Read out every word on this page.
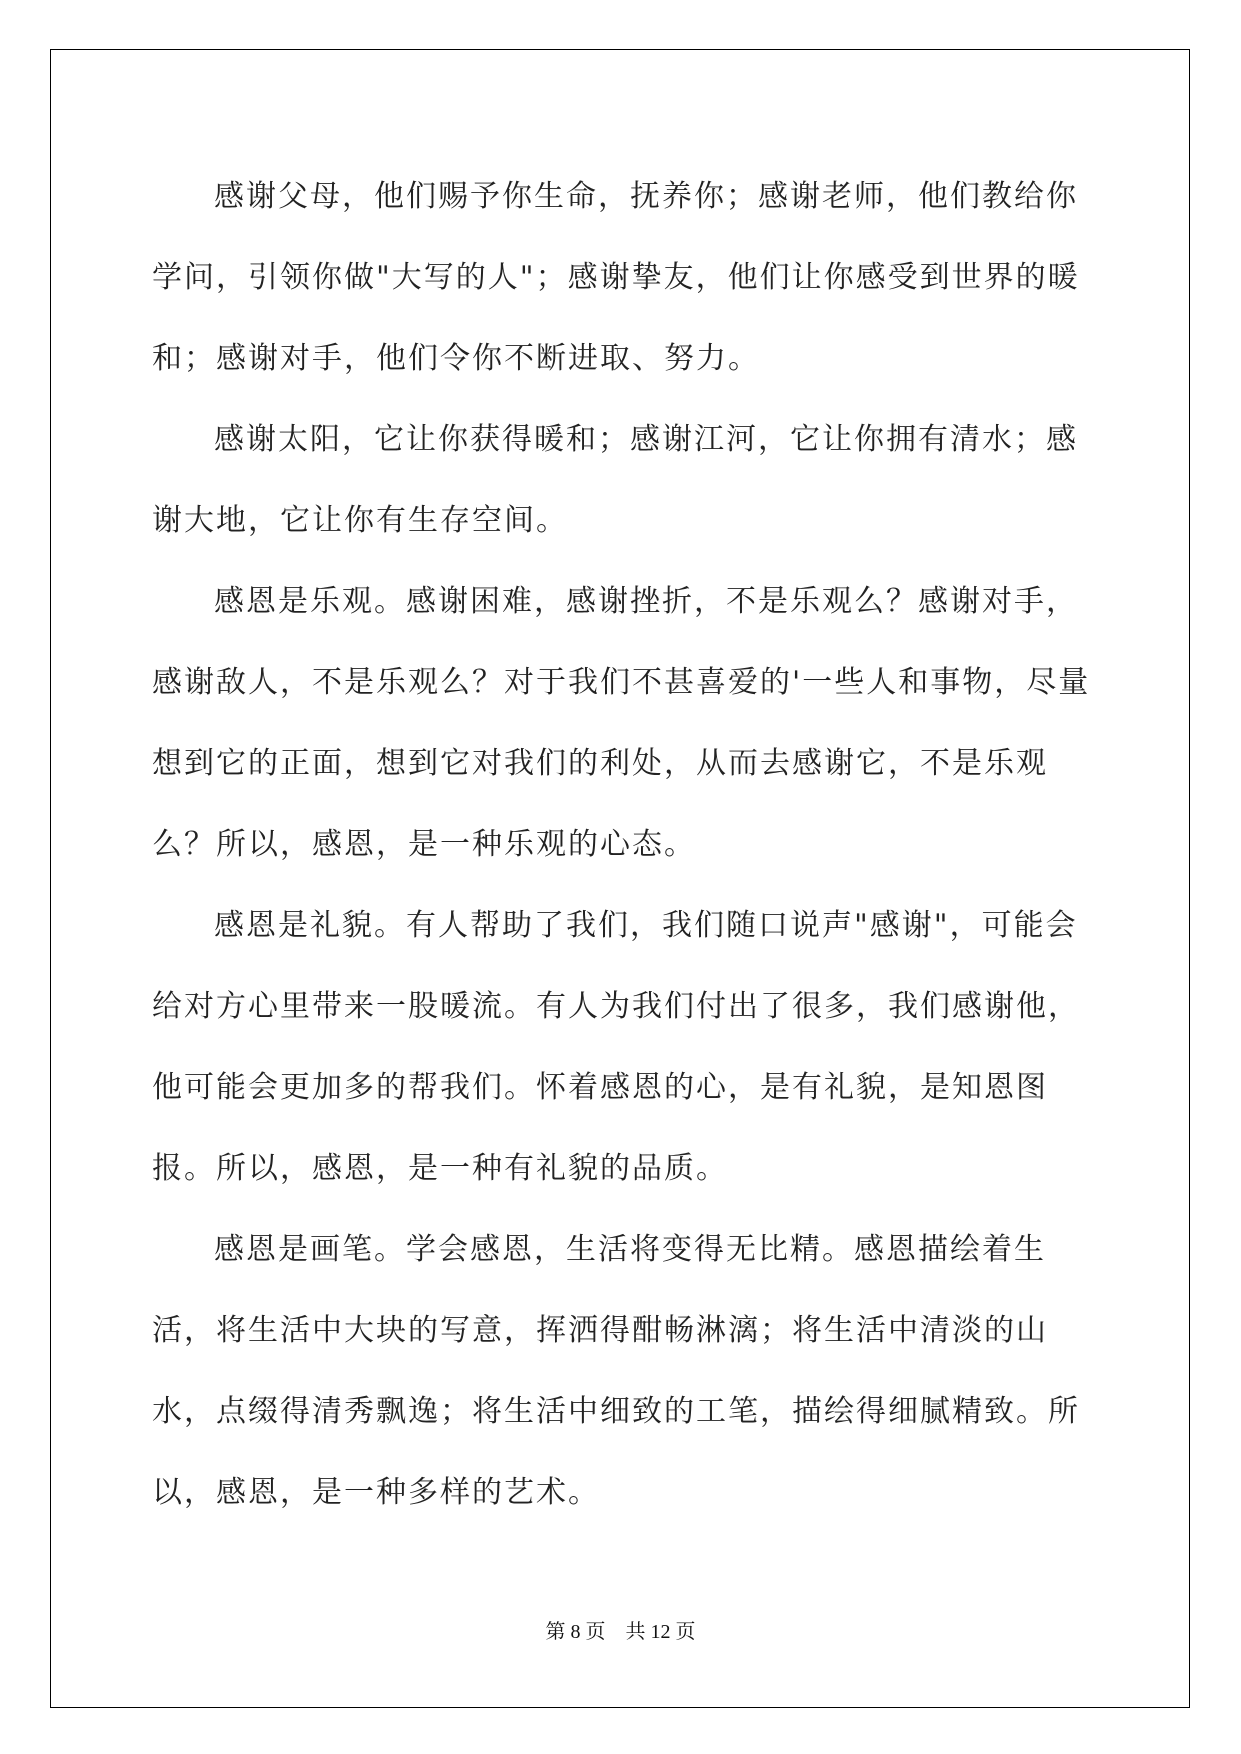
感谢父母，他们赐予你生命，抚养你；感谢老师，他们教给你学问，引领你做"大写的人"；感谢挚友，他们让你感受到世界的暖和；感谢对手，他们令你不断进取、努力。

感谢太阳，它让你获得暖和；感谢江河，它让你拥有清水；感谢大地，它让你有生存空间。

感恩是乐观。感谢困难，感谢挫折，不是乐观么？感谢对手，感谢敌人，不是乐观么？对于我们不甚喜爱的'一些人和事物，尽量想到它的正面，想到它对我们的利处，从而去感谢它，不是乐观么？所以，感恩，是一种乐观的心态。

感恩是礼貌。有人帮助了我们，我们随口说声"感谢"，可能会给对方心里带来一股暖流。有人为我们付出了很多，我们感谢他，他可能会更加多的帮我们。怀着感恩的心，是有礼貌，是知恩图报。所以，感恩，是一种有礼貌的品质。

感恩是画笔。学会感恩，生活将变得无比精。感恩描绘着生活，将生活中大块的写意，挥洒得酣畅淋漓；将生活中清淡的山水，点缀得清秀飘逸；将生活中细致的工笔，描绘得细腻精致。所以，感恩，是一种多样的艺术。

第 8 页    共 12 页
